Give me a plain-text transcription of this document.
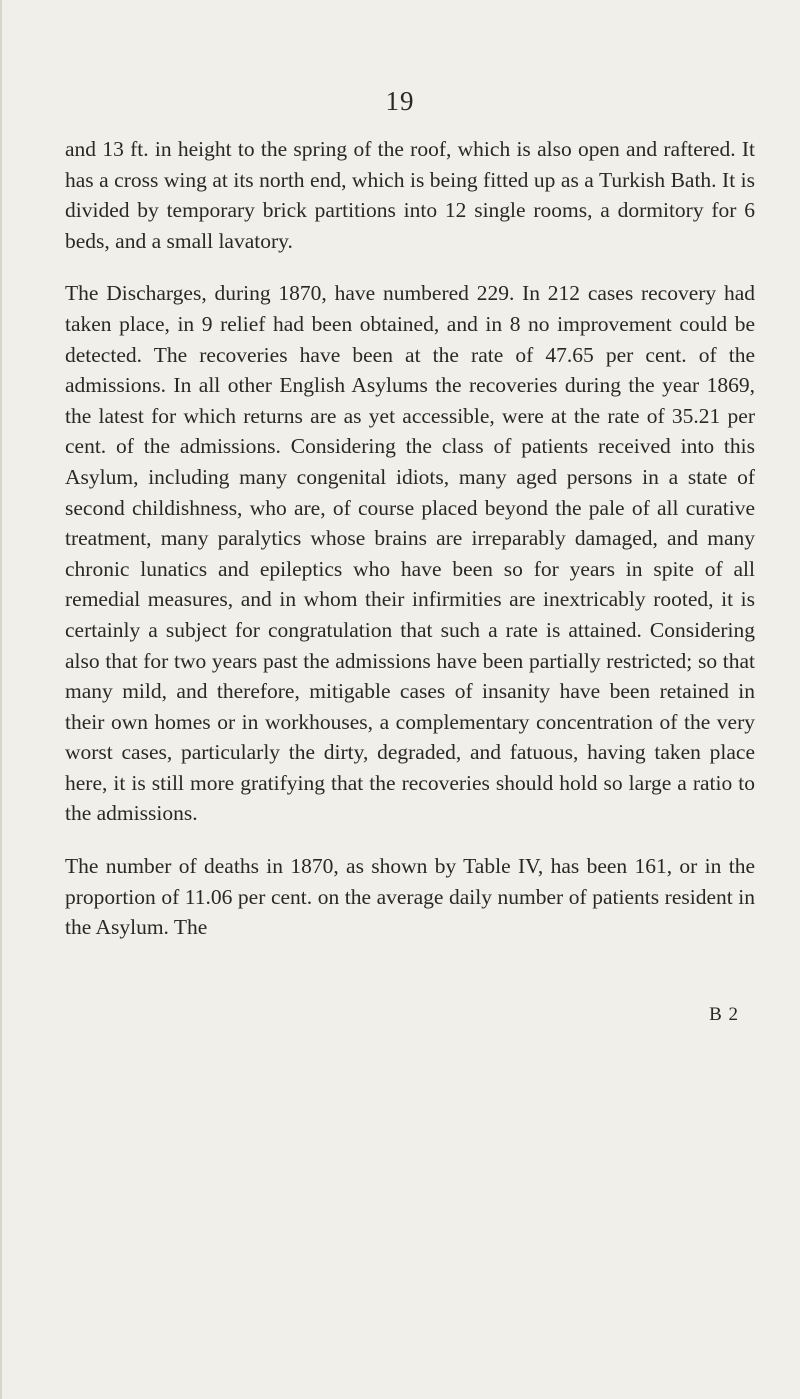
19

and 13 ft. in height to the spring of the roof, which is also open and raftered. It has a cross wing at its north end, which is being fitted up as a Turkish Bath. It is divided by temporary brick partitions into 12 single rooms, a dormitory for 6 beds, and a small lavatory.

The Discharges, during 1870, have numbered 229. In 212 cases recovery had taken place, in 9 relief had been obtained, and in 8 no improvement could be detected. The recoveries have been at the rate of 47.65 per cent. of the admissions. In all other English Asylums the recoveries during the year 1869, the latest for which returns are as yet accessible, were at the rate of 35.21 per cent. of the admissions. Considering the class of patients received into this Asylum, including many congenital idiots, many aged persons in a state of second childishness, who are, of course placed beyond the pale of all curative treatment, many paralytics whose brains are irreparably damaged, and many chronic lunatics and epileptics who have been so for years in spite of all remedial measures, and in whom their infirmities are inextricably rooted, it is certainly a subject for congratulation that such a rate is attained. Considering also that for two years past the admissions have been partially restricted; so that many mild, and therefore, mitigable cases of insanity have been retained in their own homes or in workhouses, a complementary concentration of the very worst cases, particularly the dirty, degraded, and fatuous, having taken place here, it is still more gratifying that the recoveries should hold so large a ratio to the admissions.

The number of deaths in 1870, as shown by Table IV, has been 161, or in the proportion of 11.06 per cent. on the average daily number of patients resident in the Asylum. The

B 2
